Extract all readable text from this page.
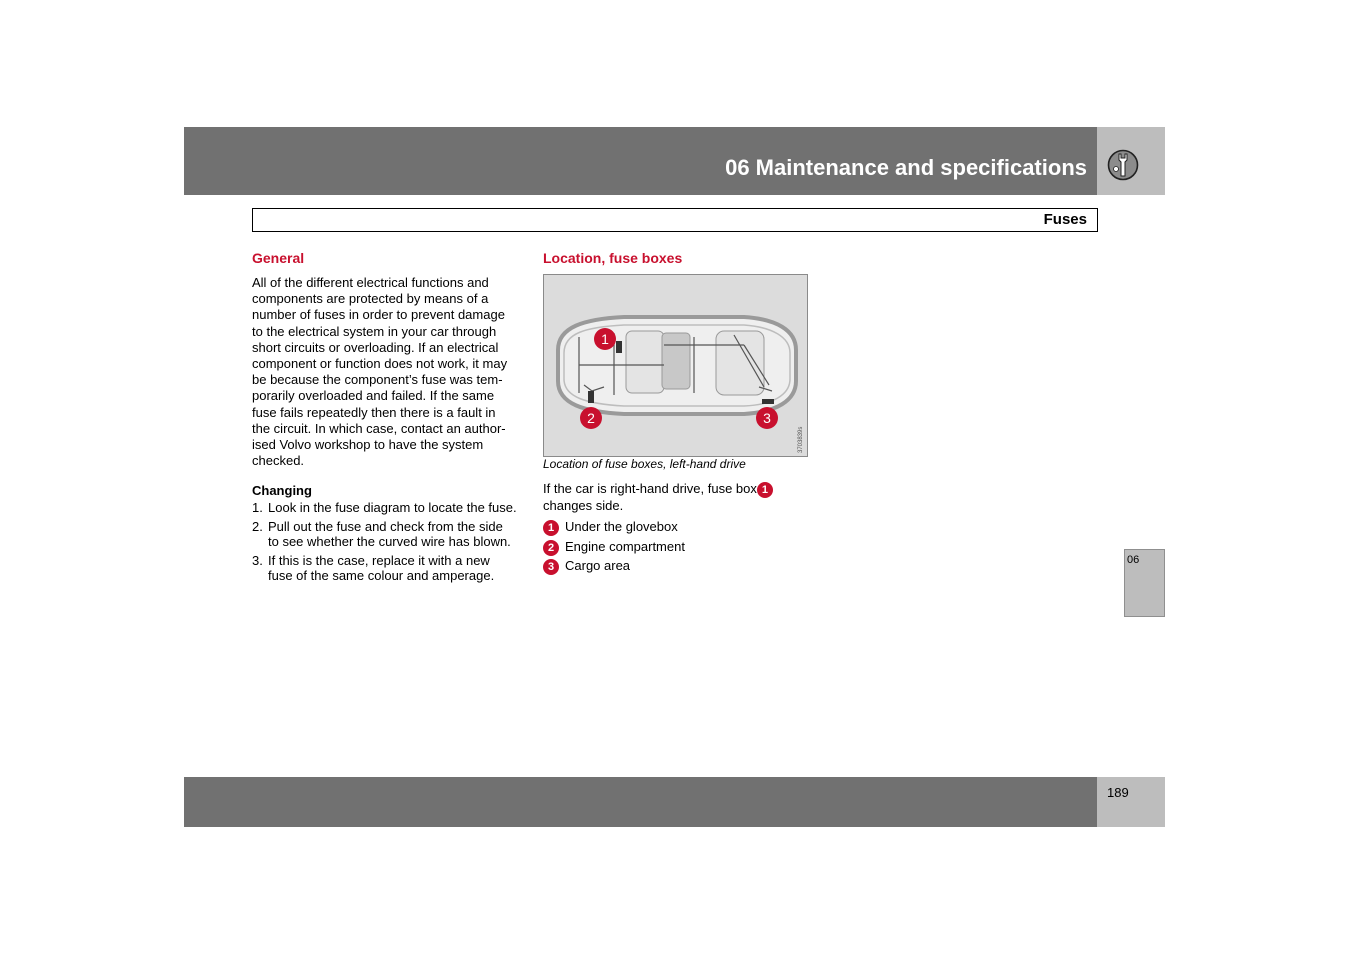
06 Maintenance and specifications
Fuses
General
All of the different electrical functions and components are protected by means of a number of fuses in order to prevent damage to the electrical system in your car through short circuits or overloading. If an electrical component or function does not work, it may be because the component’s fuse was tem-porarily overloaded and failed. If the same fuse fails repeatedly then there is a fault in the circuit. In which case, contact an author-ised Volvo workshop to have the system checked.
Changing
1. Look in the fuse diagram to locate the fuse.
2. Pull out the fuse and check from the side to see whether the curved wire has blown.
3. If this is the case, replace it with a new fuse of the same colour and amperage.
Location, fuse boxes
1
2	3
3703839s
Location of fuse boxes, left-hand drive
If the car is right-hand drive, fuse box 1 changes side.
1 Under the glovebox
2 Engine compartment
3 Cargo area	06
189
